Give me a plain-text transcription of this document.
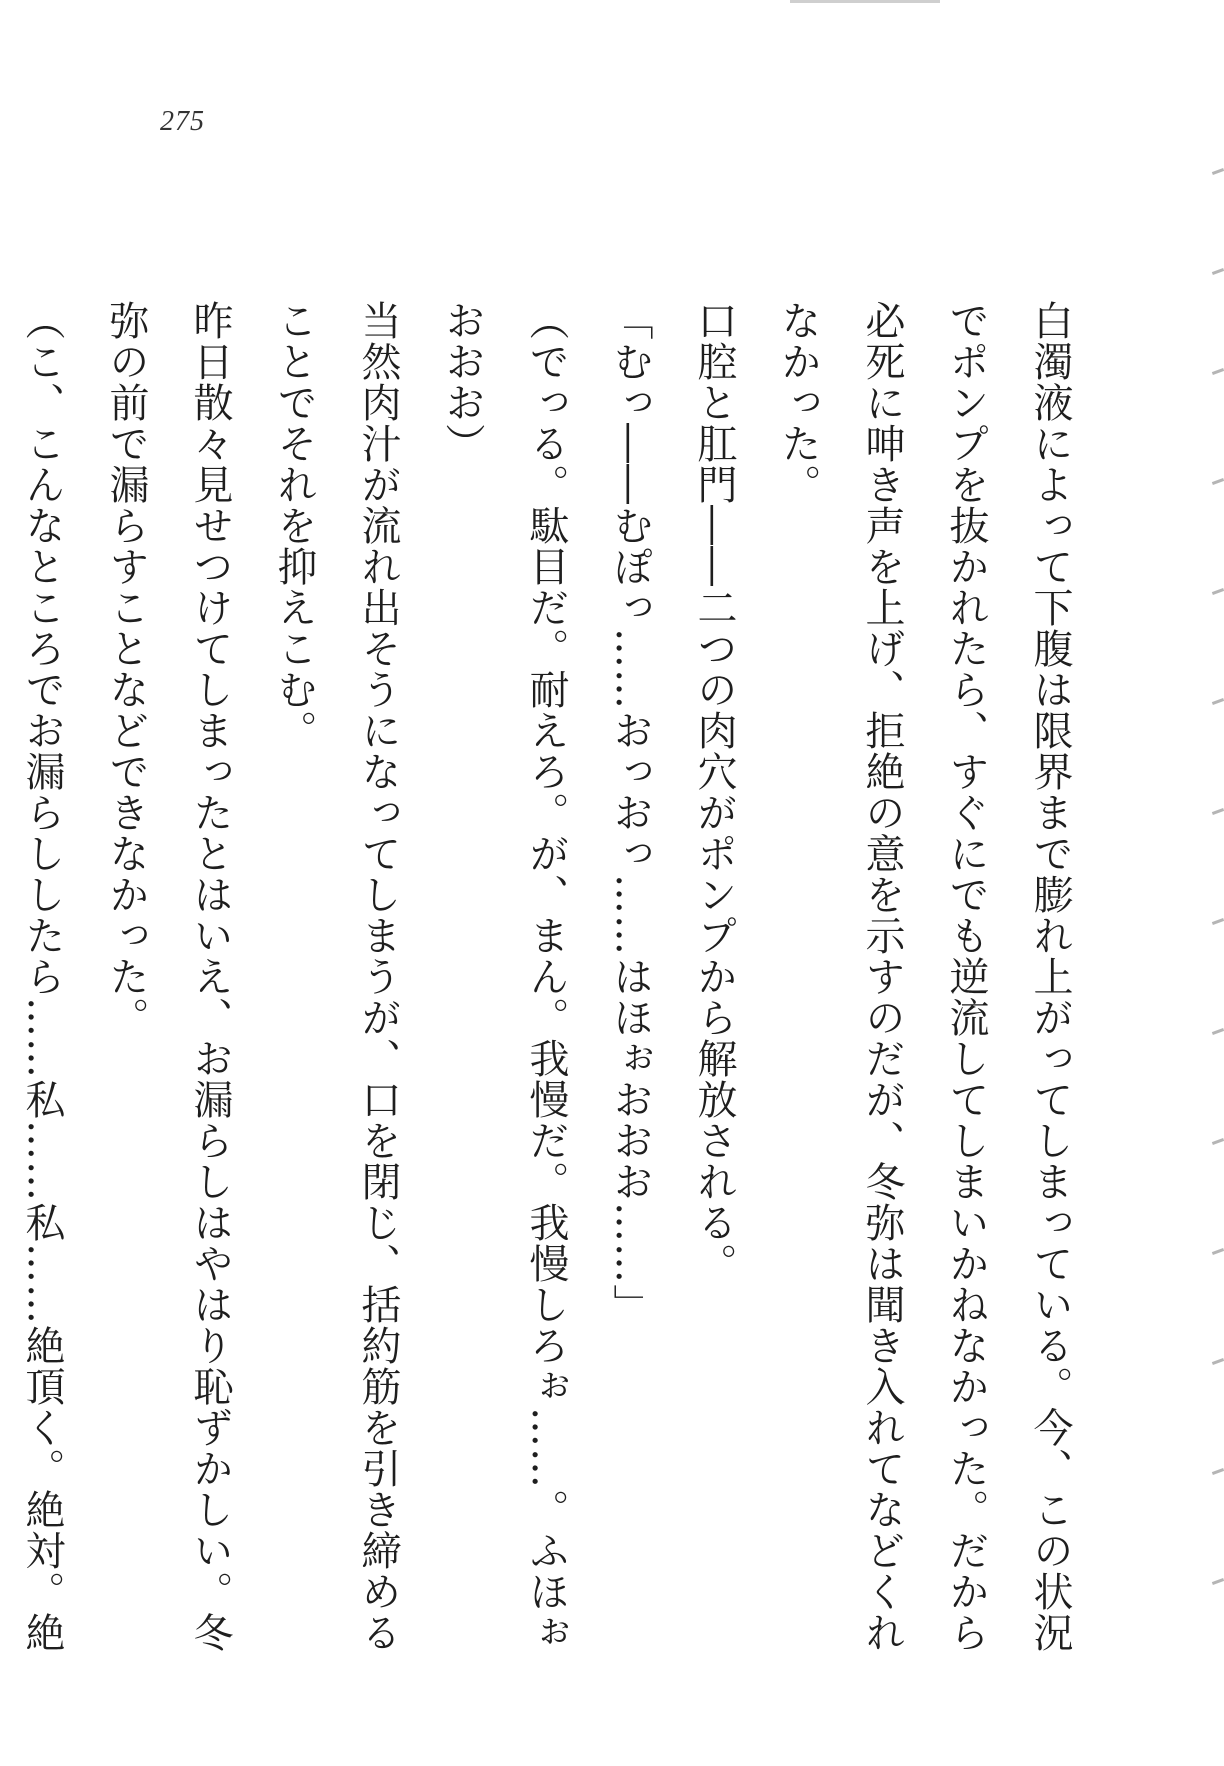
275

白濁液によって下腹は限界まで膨れ上がってしまっている。今、この状況でポンプを抜かれたら、すぐにでも逆流してしまいかねなかった。だから必死に呻き声を上げ、拒絶の意を示すのだが、冬弥は聞き入れてなどくれなかった。

口腔と肛門――二つの肉穴がポンプから解放される。

「むっ――むぽっ……おっおっ……はほぉおおお……」

（でっる。駄目だ。耐えろ。が、まん。我慢だ。我慢しろぉ……。ふほぉおおお）

当然肉汁が流れ出そうになってしまうが、口を閉じ、括約筋を引き締めることでそれを抑えこむ。

昨日散々見せつけてしまったとはいえ、お漏らしはやはり恥ずかしい。冬弥の前で漏らすことなどできなかった。

（こ、こんなところでお漏らししたら……私……私……絶頂く。絶対。絶
